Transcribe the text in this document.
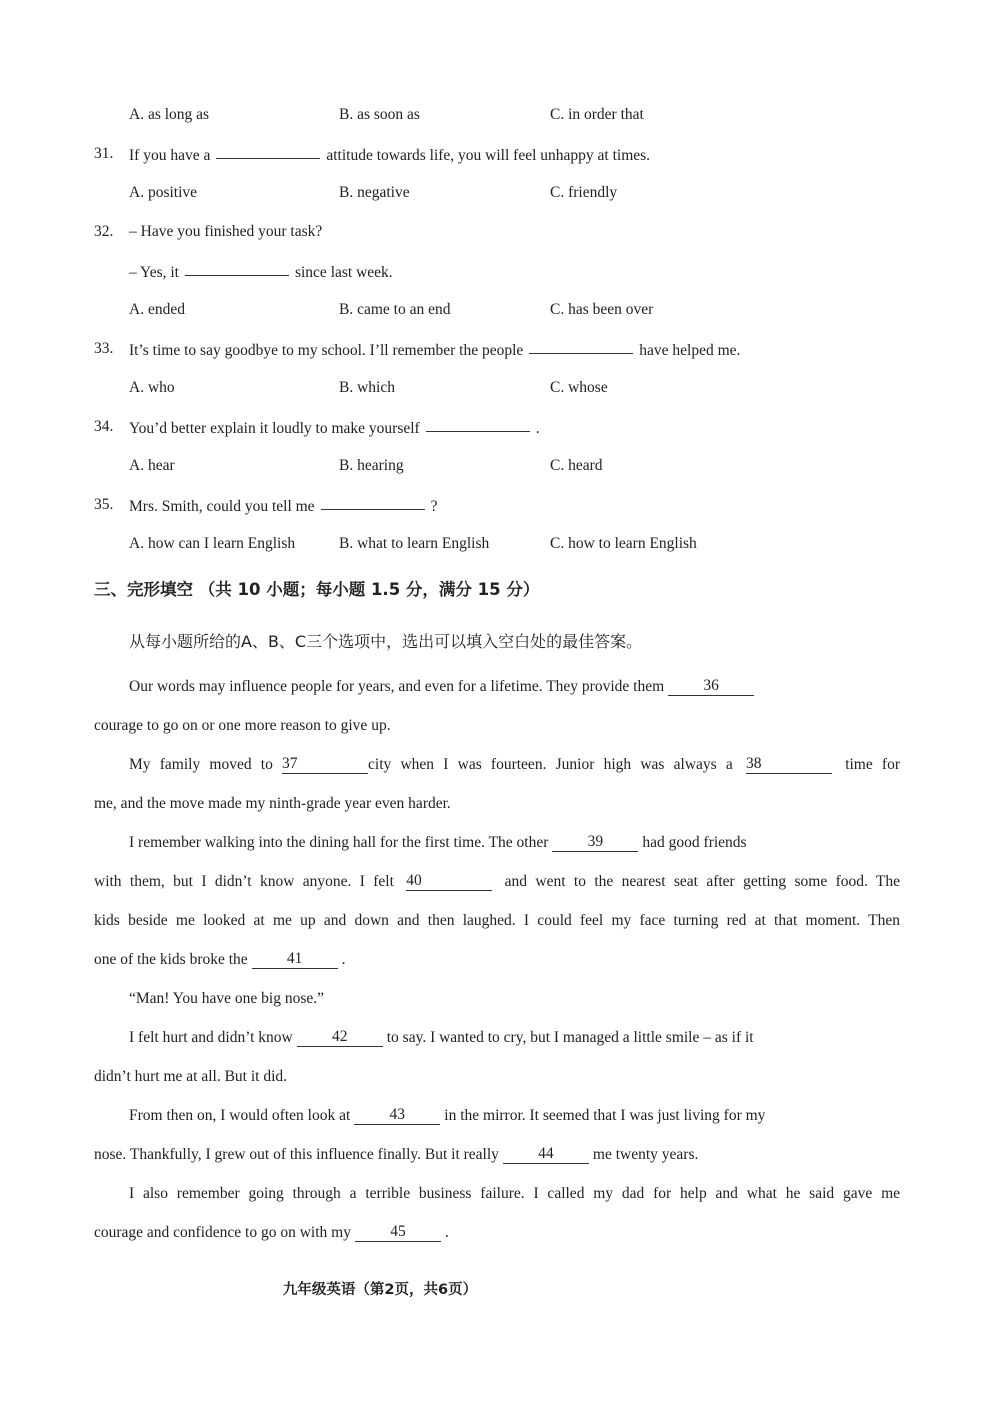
A. as long as	B. as soon as	C. in order that
31. If you have a	attitude towards life, you will feel unhappy at times.
A. positive	B. negative	C. friendly
32. – Have you finished your task?
– Yes, it	since last week.
A. ended	B. came to an end	C. has been over
33. It’s time to say goodbye to my school. I’ll remember the people	have helped me.
A. who	B. which	C. whose
34. You’d better explain it loudly to make yourself	.
A. hear	B. hearing	C. heard
35. Mrs. Smith, could you tell me	?
A. how can I learn English	B. what to learn English	C. how to learn English
三、完形填空 （共 10 小题；每小题 1.5 分，满分 15 分）
从每小题所给的A、B、C三个选项中，选出可以填入空白处的最佳答案。
Our words may influence people for years, and even for a lifetime. They provide them	36
courage to go on or one more reason to give up.
My family moved to 37	city when I was fourteen. Junior high was always a 38	time for
me, and the move made my ninth-grade year even harder.
I remember walking into the dining hall for the first time. The other	39	had good friends
with them, but I didn’t know anyone. I felt 40	and went to the nearest seat after getting some food. The
kids beside me looked at me up and down and then laughed. I could feel my face turning red at that moment. Then
one of the kids broke the	41	.
“Man! You have one big nose.”
I felt hurt and didn’t know	42	to say. I wanted to cry, but I managed a little smile – as if it
didn’t hurt me at all. But it did.
From then on, I would often look at	43	in the mirror. It seemed that I was just living for my
nose. Thankfully, I grew out of this influence finally. But it really	44	me twenty years.
I also remember going through a terrible business failure. I called my dad for help and what he said gave me
courage and confidence to go on with my	45	.
九年级英语（第2页，共6页）
